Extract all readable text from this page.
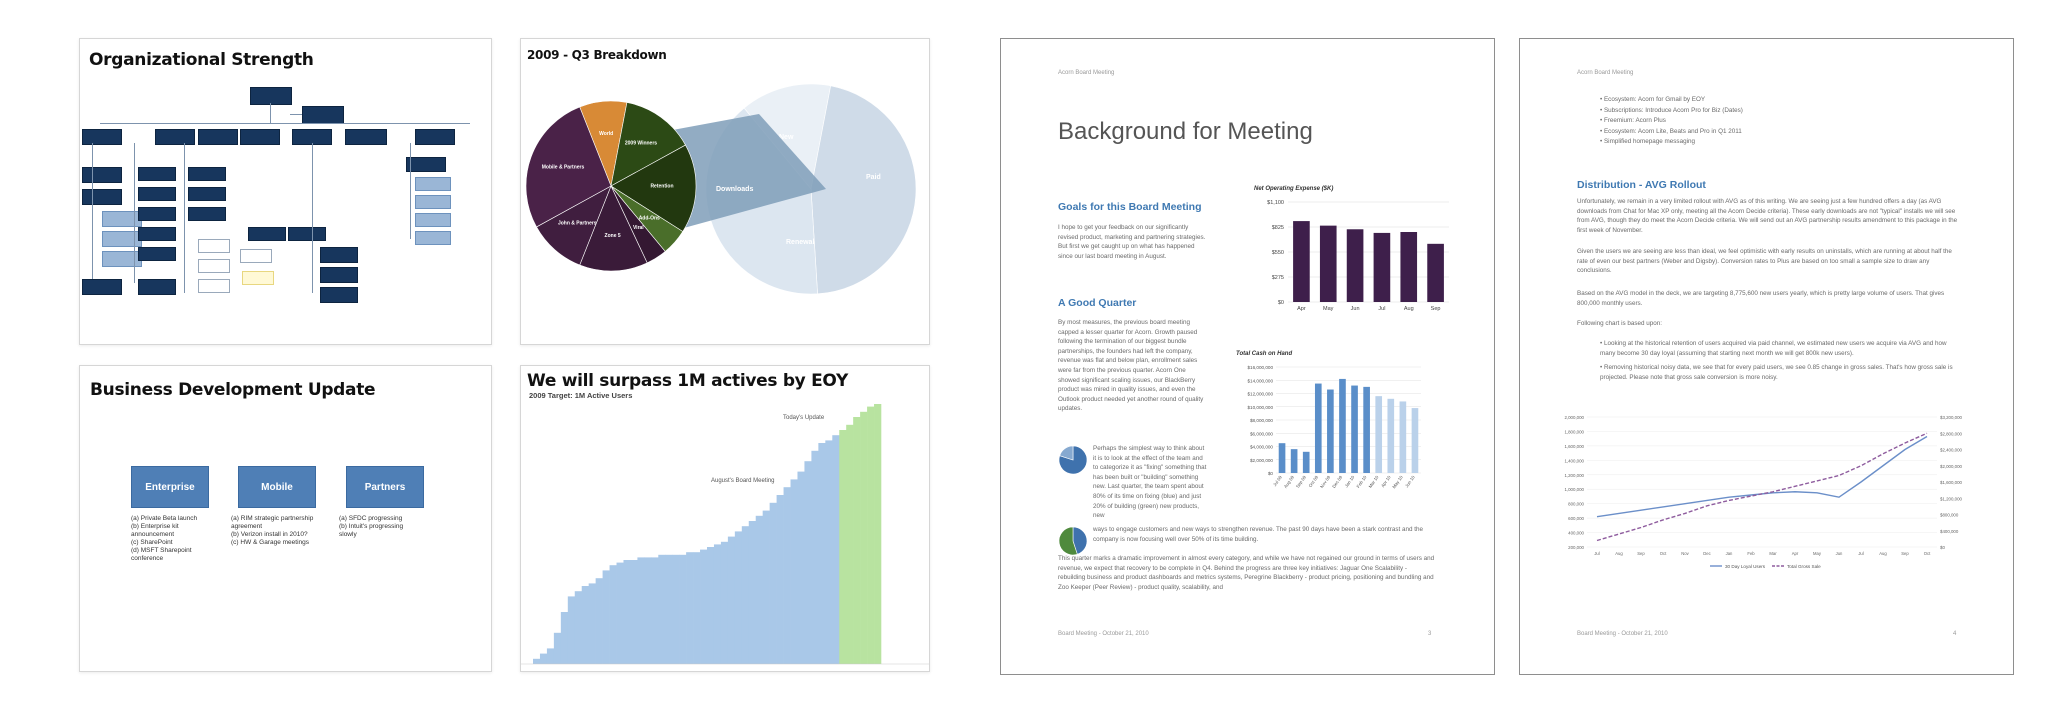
Organizational Strength	2009 - Q3 Breakdown
Paid
Renewal
New
Downloads
World
2009 Winners
Retention
Add-Ons
Viral
Zone 5
John & Partners
Mobile & Partners
Business Development Update
Enterprise	Mobile	Partners
(a) Private Beta launch
(b) Enterprise kit
announcement
(c) SharePoint
(d) MSFT Sharepoint
conference
(a) RIM strategic partnership
agreement
(b) Verizon install in 2010?
(c) HW & Garage meetings
(a) SFDC progressing
(b) Intuit's progressing
slowly
We will surpass 1M actives by EOY
2009 Target: 1M Active Users
Today's Update
August's Board Meeting
Acorn Board Meeting
Background for Meeting
Goals for this Board Meeting
I hope to get your feedback on our significantly revised product, marketing and partnering strategies. But first we get caught up on what has happened since our last board meeting in August.
A Good Quarter
By most measures, the previous board meeting capped a lesser quarter for Acorn. Growth paused following the termination of our biggest bundle partnerships, the founders had left the company, revenue was flat and below plan, enrollment sales were far from the previous quarter. Acorn One showed significant scaling issues, our BlackBerry product was mired in quality issues, and even the Outlook product needed yet another round of quality updates.
Perhaps the simplest way to think about it is to look at the effect of the team and to categorize it as "fixing" something that has been built or "building" something new. Last quarter, the team spent about 80% of its time on fixing (blue) and just 20% of building (green) new products, new
ways to engage customers and new ways to strengthen revenue. The past 90 days have been a stark contrast and the company is now focusing well over 50% of its time building.
This quarter marks a dramatic improvement in almost every category, and while we have not regained our ground in terms of users and revenue, we expect that recovery to be complete in Q4. Behind the progress are three key initiatives: Jaguar One Scalability - rebuilding business and product dashboards and metrics systems, Peregrine Blackberry - product pricing, positioning and bundling and Zoo Keeper (Peer Review) - product quality, scalability, and
Board Meeting - October 21, 2010	3
Net Operating Expense ($K)
$1,100
$825
$550
$275
$0
Apr	May	Jun	Jul	Aug	Sep
Total Cash on Hand
$16,000,000
$14,000,000
$12,000,000
$10,000,000
$8,000,000
$6,000,000
$4,000,000
$2,000,000
$0
Jul 09 Aug 09 Sep 09 Oct 09 Nov 09 Dec 09 Jan 10 Feb 10 Mar 10 Apr 10 May 10 Jun 10
Acorn Board Meeting
• Ecosystem: Acorn for Gmail by EOY
• Subscriptions: Introduce Acorn Pro for Biz (Dates)
• Freemium: Acorn Plus
• Ecosystem: Acorn Lite, Beats and Pro in Q1 2011
• Simplified homepage messaging
Distribution - AVG Rollout
Unfortunately, we remain in a very limited rollout with AVG as of this writing. We are seeing just a few hundred offers a day (as AVG downloads from Chat for Mac XP only, meeting all the Acorn Decide criteria). These early downloads are not "typical" installs we will see from AVG, though they do meet the Acorn Decide criteria. We will send out an AVG partnership results amendment to this package in the first week of November.
Given the users we are seeing are less than ideal, we feel optimistic with early results on uninstalls, which are running at about half the rate of even our best partners (Weber and Digsby). Conversion rates to Plus are based on too small a sample size to draw any conclusions.
Based on the AVG model in the deck, we are targeting 8,775,600 new users yearly, which is pretty large volume of users. That gives 800,000 monthly users.
Following chart is based upon:
• Looking at the historical retention of users acquired via paid channel, we estimated new users we acquire via AVG and how many become 30 day loyal (assuming that starting next month we will get 800k new users).
• Removing historical noisy data, we see that for every paid users, we see 0.85 change in gross sales. That's how gross sale is projected. Please note that gross sale conversion is more noisy.
2,000,000
1,800,000
1,600,000
1,400,000
1,200,000
1,000,000
800,000
600,000
400,000
200,000
$3,200,000
$2,800,000
$2,400,000
$2,000,000
$1,600,000
$1,200,000
$800,000
$400,000
$0
Jul	Aug	Sep	Oct	Nov	Dec	Jan	Feb	Mar	Apr	May	Jun	Jul	Aug	Sep	Oct
30 Day Loyal Users	Total Gross Sale
Board Meeting - October 21, 2010	4
